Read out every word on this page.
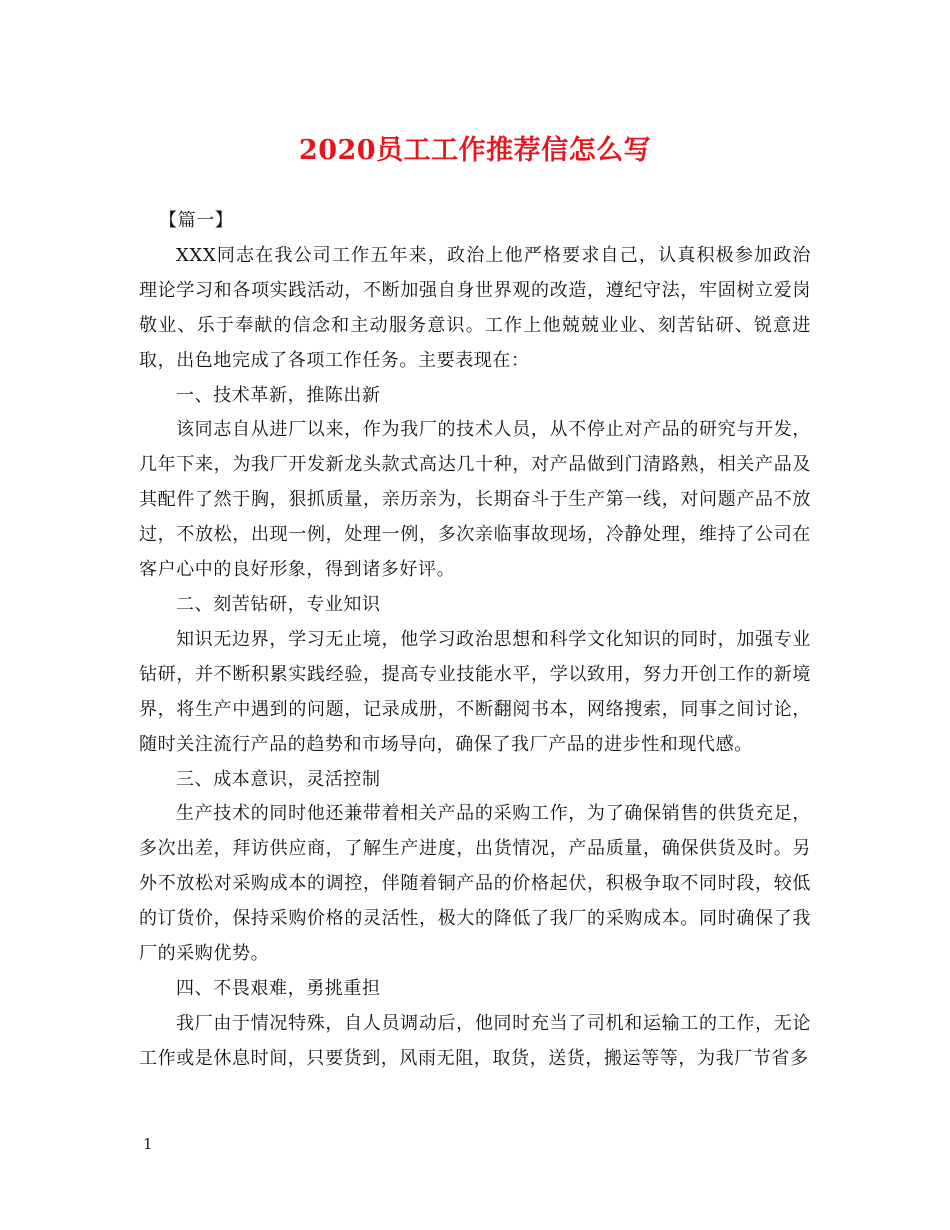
2020员工工作推荐信怎么写

【篇一】

XXX同志在我公司工作五年来，政治上他严格要求自己，认真积极参加政治理论学习和各项实践活动，不断加强自身世界观的改造，遵纪守法，牢固树立爱岗敬业、乐于奉献的信念和主动服务意识。工作上他兢兢业业、刻苦钻研、锐意进取，出色地完成了各项工作任务。主要表现在：

一、技术革新，推陈出新

该同志自从进厂以来，作为我厂的技术人员，从不停止对产品的研究与开发，几年下来，为我厂开发新龙头款式高达几十种，对产品做到门清路熟，相关产品及其配件了然于胸，狠抓质量，亲历亲为，长期奋斗于生产第一线，对问题产品不放过，不放松，出现一例，处理一例，多次亲临事故现场，冷静处理，维持了公司在客户心中的良好形象，得到诸多好评。

二、刻苦钻研，专业知识

知识无边界，学习无止境，他学习政治思想和科学文化知识的同时，加强专业钻研，并不断积累实践经验，提高专业技能水平，学以致用，努力开创工作的新境界，将生产中遇到的问题，记录成册，不断翻阅书本，网络搜索，同事之间讨论，随时关注流行产品的趋势和市场导向，确保了我厂产品的进步性和现代感。

三、成本意识，灵活控制

生产技术的同时他还兼带着相关产品的采购工作，为了确保销售的供货充足，多次出差，拜访供应商，了解生产进度，出货情况，产品质量，确保供货及时。另外不放松对采购成本的调控，伴随着铜产品的价格起伏，积极争取不同时段，较低的订货价，保持采购价格的灵活性，极大的降低了我厂的采购成本。同时确保了我厂的采购优势。

四、不畏艰难，勇挑重担

我厂由于情况特殊，自人员调动后，他同时充当了司机和运输工的工作，无论工作或是休息时间，只要货到，风雨无阻，取货，送货，搬运等等，为我厂节省多

1
